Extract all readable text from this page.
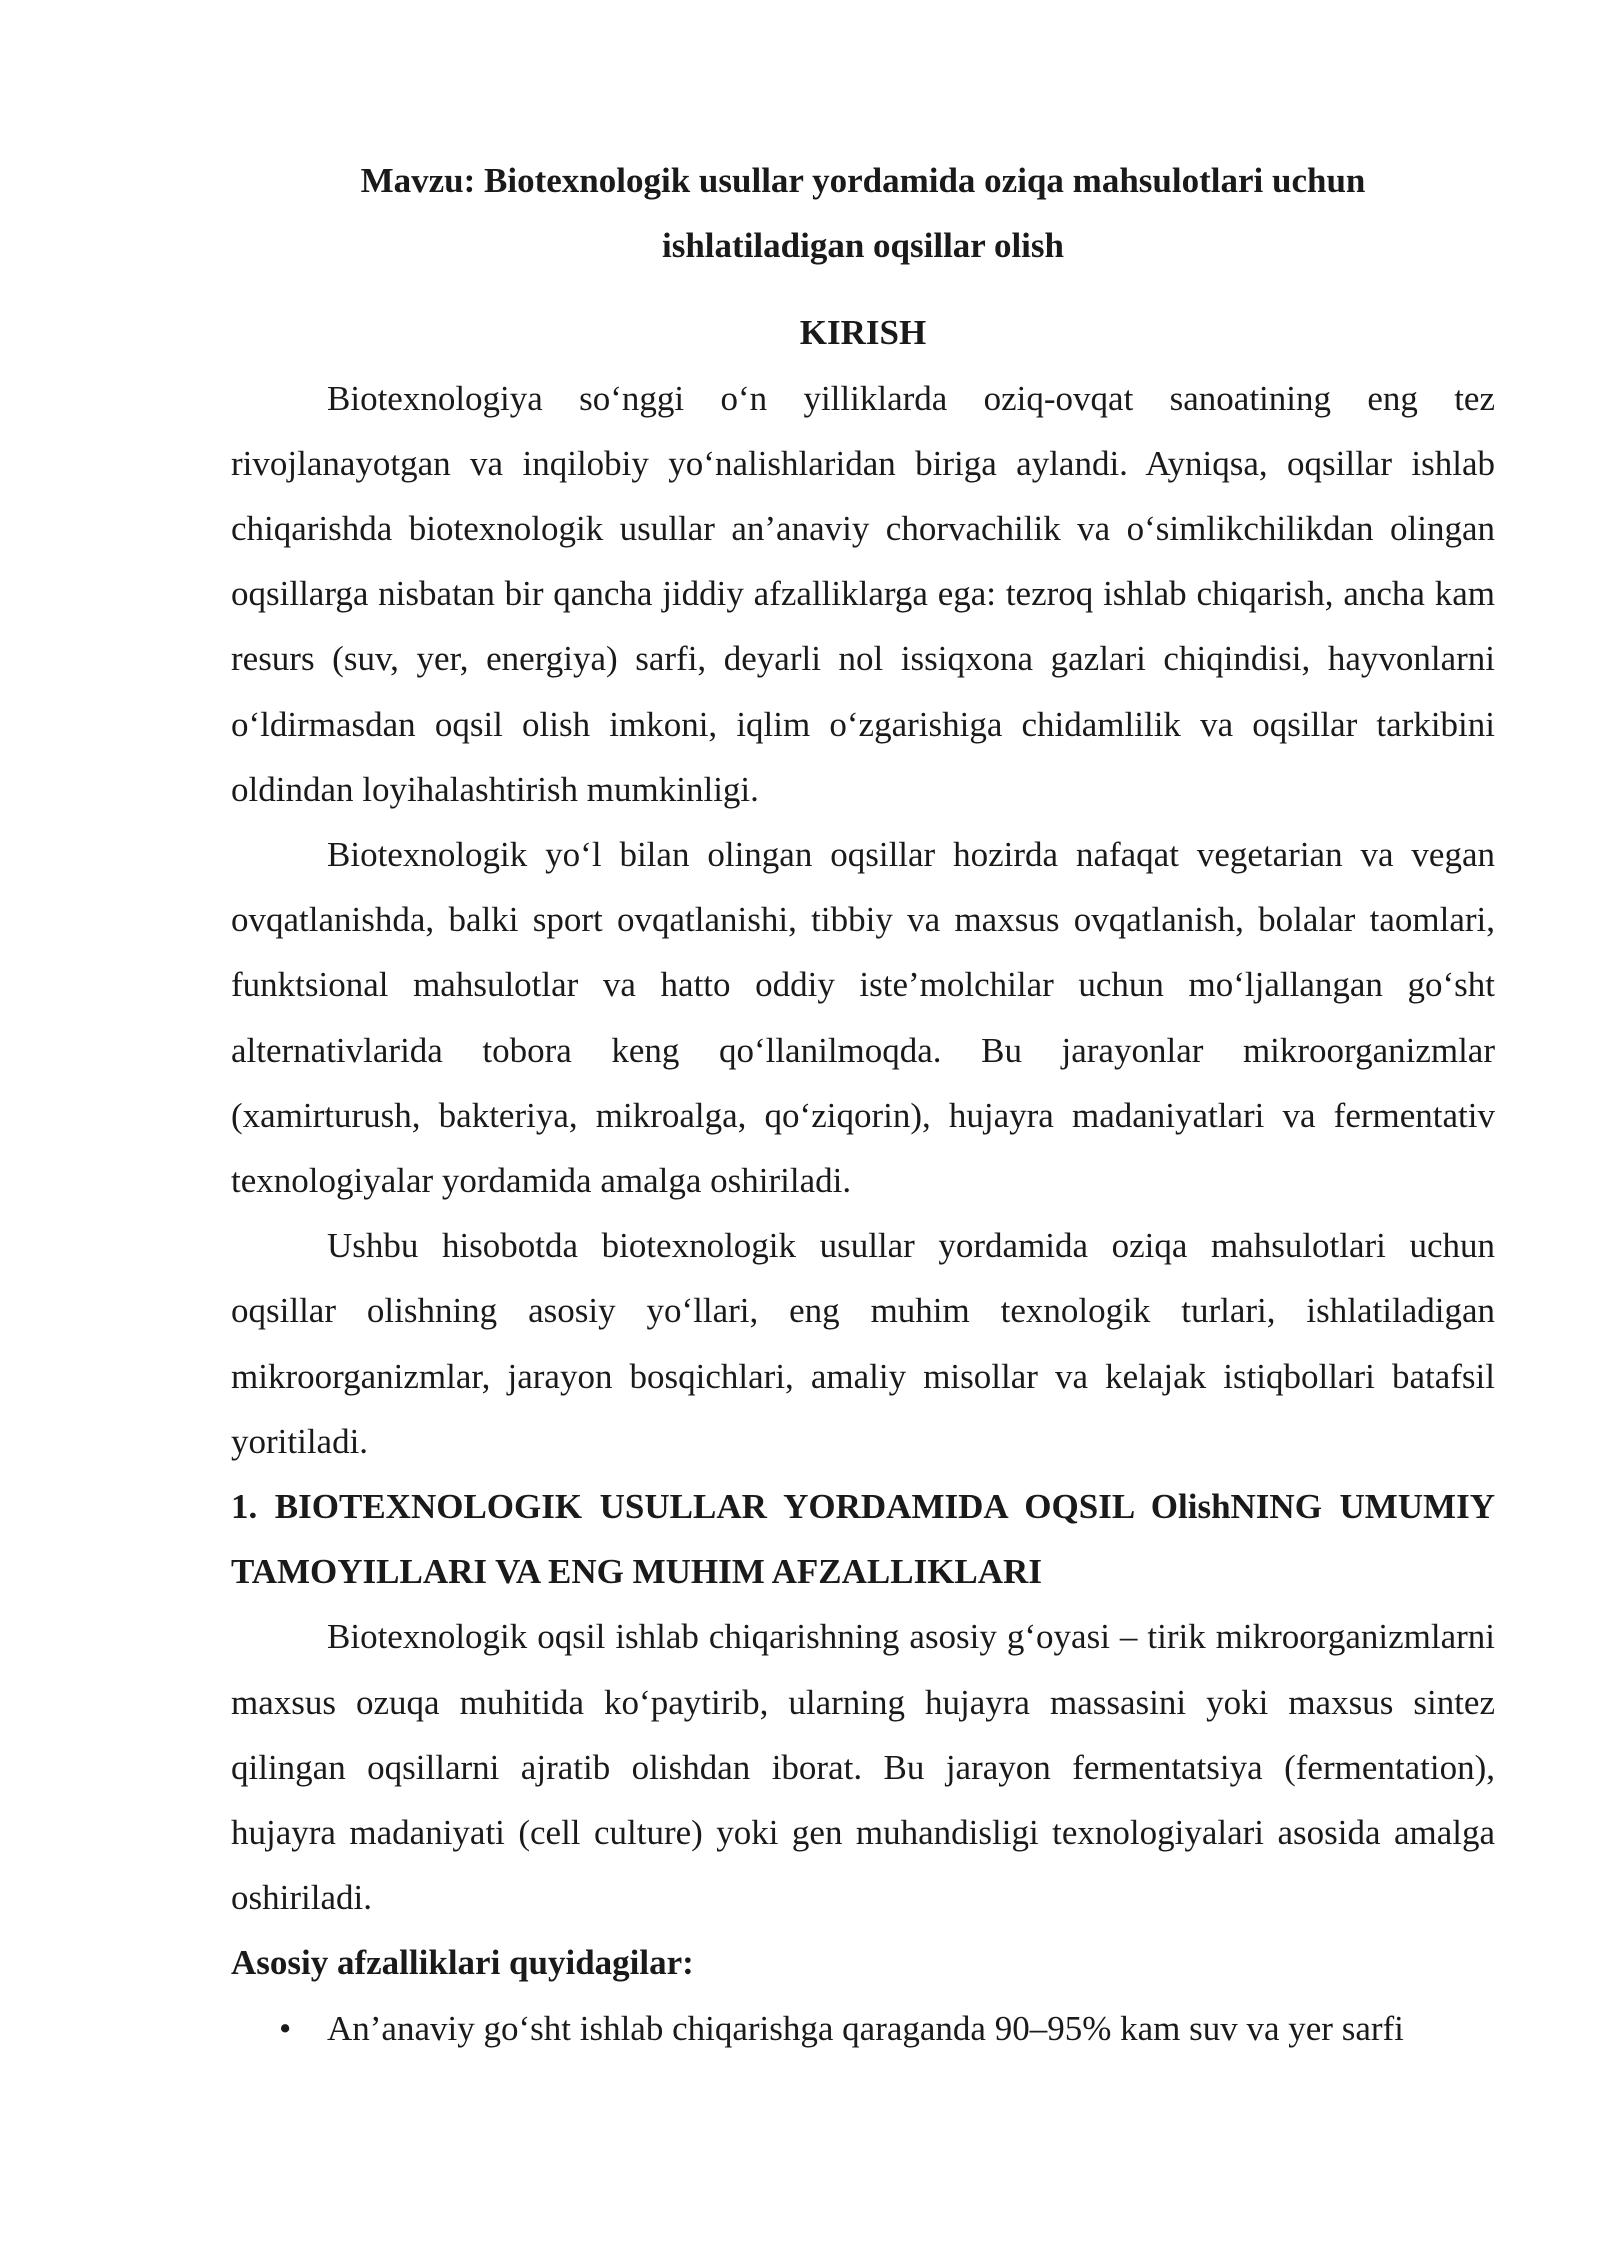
Mavzu: Biotexnologik usullar yordamida oziqa mahsulotlari uchun ishlatiladigan oqsillar olish

KIRISH

Biotexnologiya so‘nggi o‘n yilliklarda oziq-ovqat sanoatining eng tez rivojlanayotgan va inqilobiy yo‘nalishlaridan biriga aylandi. Ayniqsa, oqsillar ishlab chiqarishda biotexnologik usullar an’anaviy chorvachilik va o‘simlikchilikdan olingan oqsillarga nisbatan bir qancha jiddiy afzalliklarga ega: tezroq ishlab chiqarish, ancha kam resurs (suv, yer, energiya) sarfi, deyarli nol issiqxona gazlari chiqindisi, hayvonlarni o‘ldirmasdan oqsil olish imkoni, iqlim o‘zgarishiga chidamlilik va oqsillar tarkibini oldindan loyihalashtirish mumkinligi.

Biotexnologik yo‘l bilan olingan oqsillar hozirda nafaqat vegetarian va vegan ovqatlanishda, balki sport ovqatlanishi, tibbiy va maxsus ovqatlanish, bolalar taomlari, funktsional mahsulotlar va hatto oddiy iste’molchilar uchun mo‘ljallangan go‘sht alternativlarida tobora keng qo‘llanilmoqda. Bu jarayonlar mikroorganizmlar (xamirturush, bakteriya, mikroalga, qo‘ziqorin), hujayra madaniyatlari va fermentativ texnologiyalar yordamida amalga oshiriladi.

Ushbu hisobotda biotexnologik usullar yordamida oziqa mahsulotlari uchun oqsillar olishning asosiy yo‘llari, eng muhim texnologik turlari, ishlatiladigan mikroorganizmlar, jarayon bosqichlari, amaliy misollar va kelajak istiqbollari batafsil yoritiladi.

1. BIOTEXNOLOGIK USULLAR YORDAMIDA OQSIL OlishNING UMUMIY TAMOYILLARI VA ENG MUHIM AFZALLIKLARI

Biotexnologik oqsil ishlab chiqarishning asosiy g‘oyasi – tirik mikroorganizmlarni maxsus ozuqa muhitida ko‘paytirib, ularning hujayra massasini yoki maxsus sintez qilingan oqsillarni ajratib olishdan iborat. Bu jarayon fermentatsiya (fermentation), hujayra madaniyati (cell culture) yoki gen muhandisligi texnologiyalari asosida amalga oshiriladi.

Asosiy afzalliklari quyidagilar:

• An’anaviy go‘sht ishlab chiqarishga qaraganda 90–95% kam suv va yer sarfi
